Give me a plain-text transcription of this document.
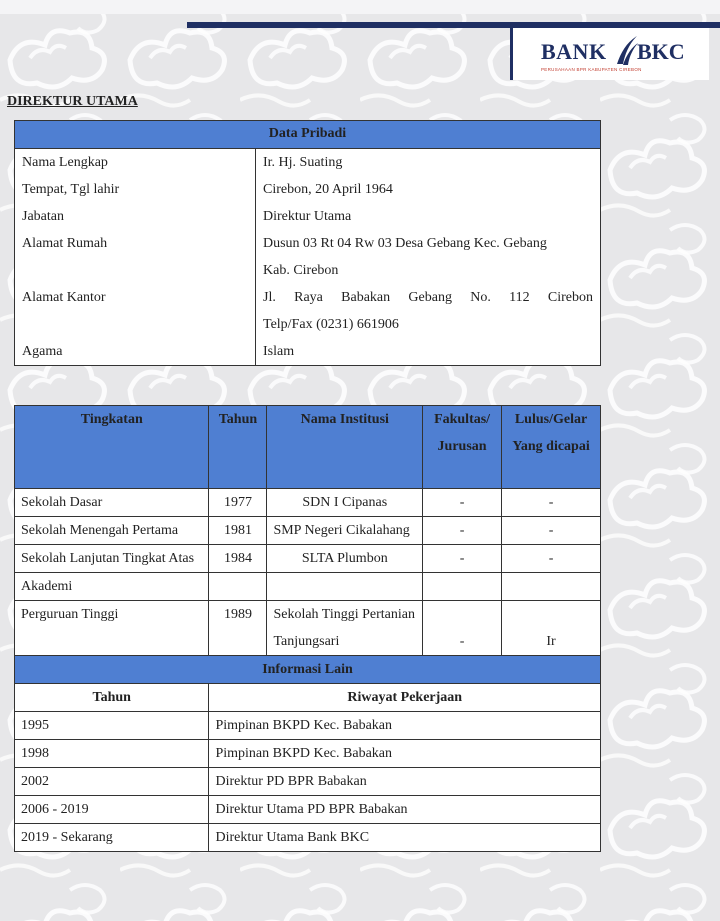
BANK BKC
PERUSAHAAN BPR KABUPATEN CIREBON
DIREKTUR UTAMA
Data Pribadi	
Nama Lengkap	Ir. Hj. Suating
Tempat, Tgl lahir	Cirebon, 20 April 1964
Jabatan	Direktur Utama
Alamat Rumah	Dusun 03 Rt 04 Rw 03 Desa Gebang Kec. Gebang
	Kab. Cirebon
Alamat Kantor	Jl. Raya Babakan Gebang No. 112 Cirebon
	Telp/Fax (0231) 661906
Agama	Islam
Tingkatan	Tahun	Nama Institusi	Fakultas/ Jurusan	Lulus/Gelar Yang dicapai
Sekolah Dasar	1977	SDN I Cipanas	-	-
Sekolah Menengah Pertama	1981	SMP Negeri Cikalahang	-	-
Sekolah Lanjutan Tingkat Atas	1984	SLTA Plumbon	-	-
Akademi				
Perguruan Tinggi	1989	Sekolah Tinggi Pertanian Tanjungsari	-	Ir
Informasi Lain				
Tahun	Riwayat Pekerjaan			
1995	Pimpinan BKPD Kec. Babakan			
1998	Pimpinan BKPD Kec. Babakan			
2002	Direktur PD BPR Babakan			
2006 - 2019	Direktur Utama PD BPR Babakan			
2019 - Sekarang	Direktur Utama Bank BKC			
